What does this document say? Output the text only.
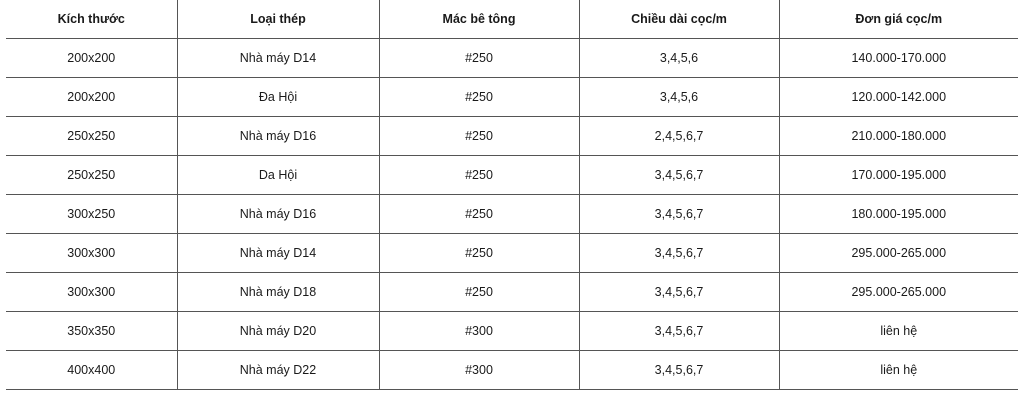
Kích thước	Loại thép	Mác bê tông	Chiều dài cọc/m	Đơn giá cọc/m
200x200	Nhà máy D14	#250	3,4,5,6	140.000-170.000
200x200	Đa Hội	#250	3,4,5,6	120.000-142.000
250x250	Nhà máy D16	#250	2,4,5,6,7	210.000-180.000
250x250	Da Hội	#250	3,4,5,6,7	170.000-195.000
300x250	Nhà máy D16	#250	3,4,5,6,7	180.000-195.000
300x300	Nhà máy D14	#250	3,4,5,6,7	295.000-265.000
300x300	Nhà máy D18	#250	3,4,5,6,7	295.000-265.000
350x350	Nhà máy D20	#300	3,4,5,6,7	liên hệ
400x400	Nhà máy D22	#300	3,4,5,6,7	liên hệ
